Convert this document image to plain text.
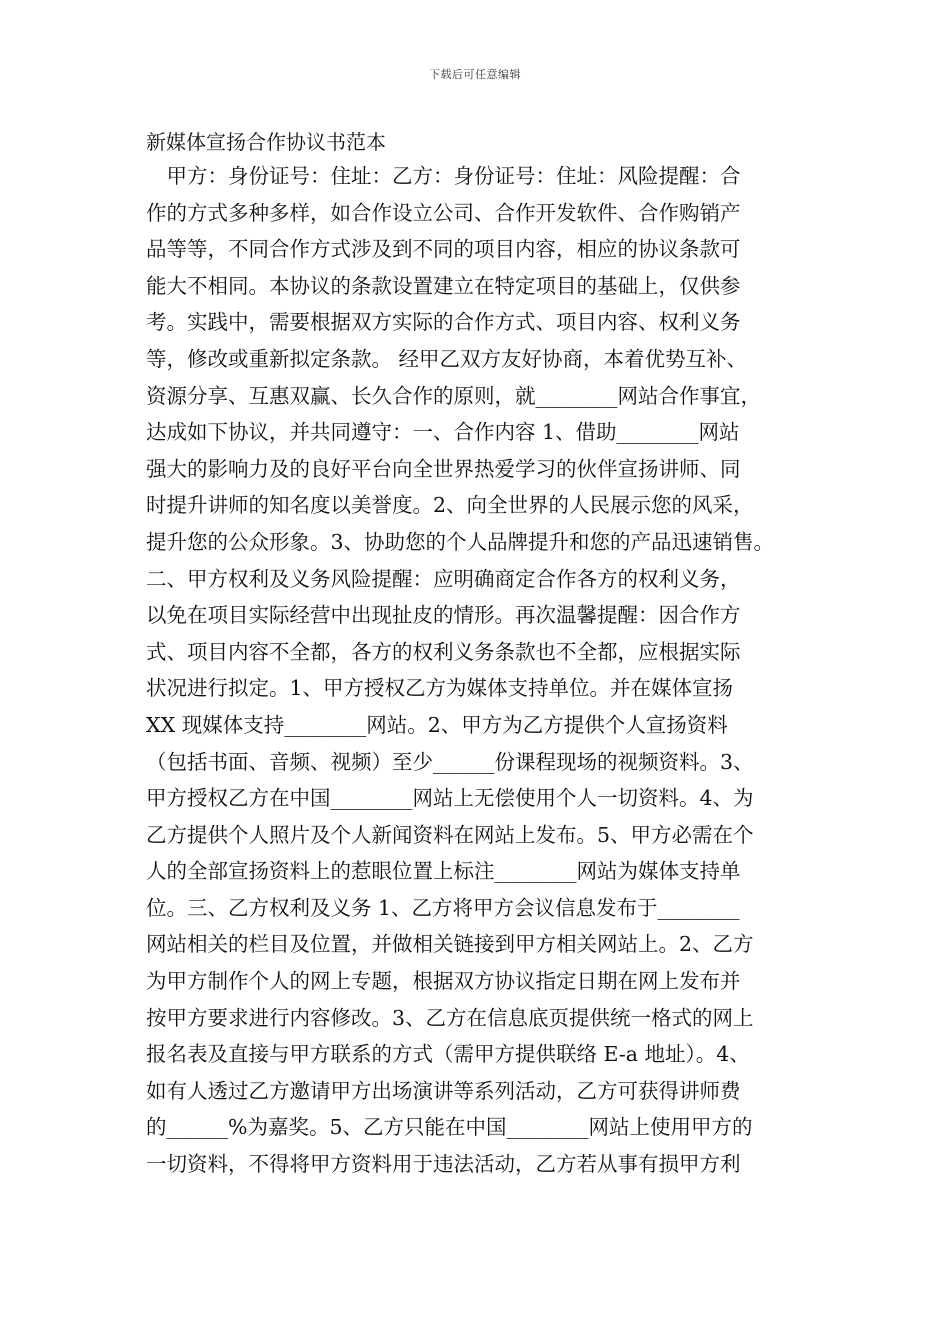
下载后可任意编辑
新媒体宣扬合作协议书范本
　甲方：身份证号：住址：乙方：身份证号：住址：风险提醒：合
作的方式多种多样，如合作设立公司、合作开发软件、合作购销产
品等等，不同合作方式涉及到不同的项目内容，相应的协议条款可
能大不相同。本协议的条款设置建立在特定项目的基础上，仅供参
考。实践中，需要根据双方实际的合作方式、项目内容、权利义务
等，修改或重新拟定条款。 经甲乙双方友好协商，本着优势互补、
资源分享、互惠双赢、长久合作的原则，就________网站合作事宜，
达成如下协议，并共同遵守：一、合作内容 1、借助________网站
强大的影响力及的良好平台向全世界热爱学习的伙伴宣扬讲师、同
时提升讲师的知名度以美誉度。2、向全世界的人民展示您的风采，
提升您的公众形象。3、协助您的个人品牌提升和您的产品迅速销售。
二、甲方权利及义务风险提醒：应明确商定合作各方的权利义务，
以免在项目实际经营中出现扯皮的情形。再次温馨提醒：因合作方
式、项目内容不全都，各方的权利义务条款也不全都，应根据实际
状况进行拟定。1、甲方授权乙方为媒体支持单位。并在媒体宣扬
XX 现媒体支持________网站。2、甲方为乙方提供个人宣扬资料
（包括书面、音频、视频）至少______份课程现场的视频资料。3、
甲方授权乙方在中国________网站上无偿使用个人一切资料。4、为
乙方提供个人照片及个人新闻资料在网站上发布。5、甲方必需在个
人的全部宣扬资料上的惹眼位置上标注________网站为媒体支持单
位。三、乙方权利及义务 1、乙方将甲方会议信息发布于________
网站相关的栏目及位置，并做相关链接到甲方相关网站上。2、乙方
为甲方制作个人的网上专题，根据双方协议指定日期在网上发布并
按甲方要求进行内容修改。3、乙方在信息底页提供统一格式的网上
报名表及直接与甲方联系的方式（需甲方提供联络 E-a 地址）。4、
如有人透过乙方邀请甲方出场演讲等系列活动，乙方可获得讲师费
的______%为嘉奖。5、乙方只能在中国________网站上使用甲方的
一切资料，不得将甲方资料用于违法活动，乙方若从事有损甲方利
